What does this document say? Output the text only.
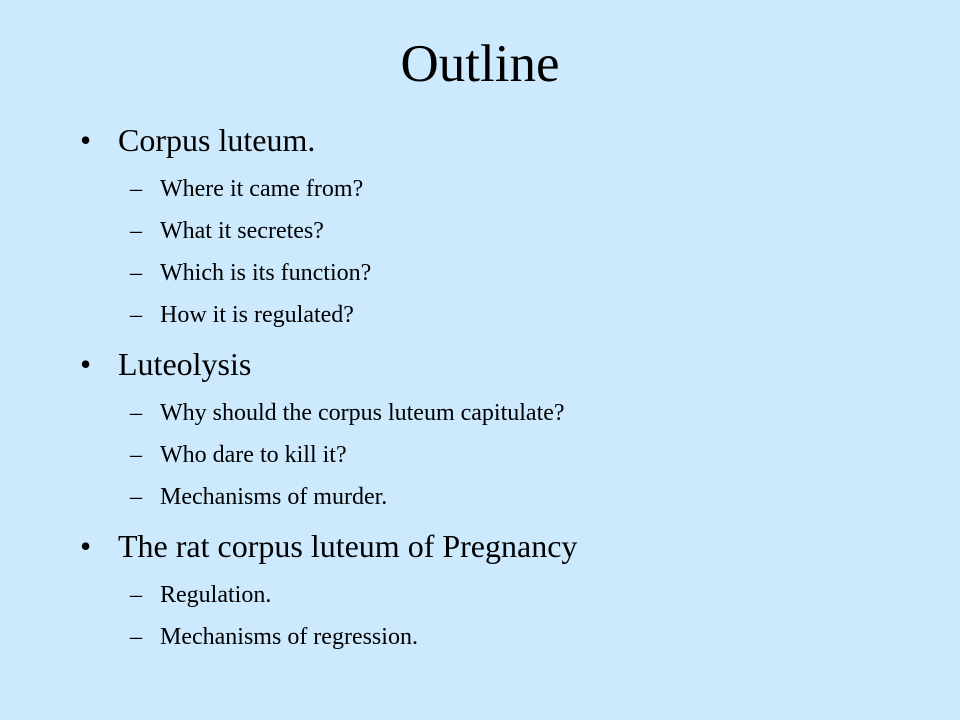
Outline
• Corpus luteum.
– Where it came from?
– What it secretes?
– Which is its function?
– How it is regulated?
• Luteolysis
– Why should the corpus luteum capitulate?
– Who dare to kill it?
– Mechanisms of murder.
• The rat corpus luteum of Pregnancy
– Regulation.
– Mechanisms of regression.
